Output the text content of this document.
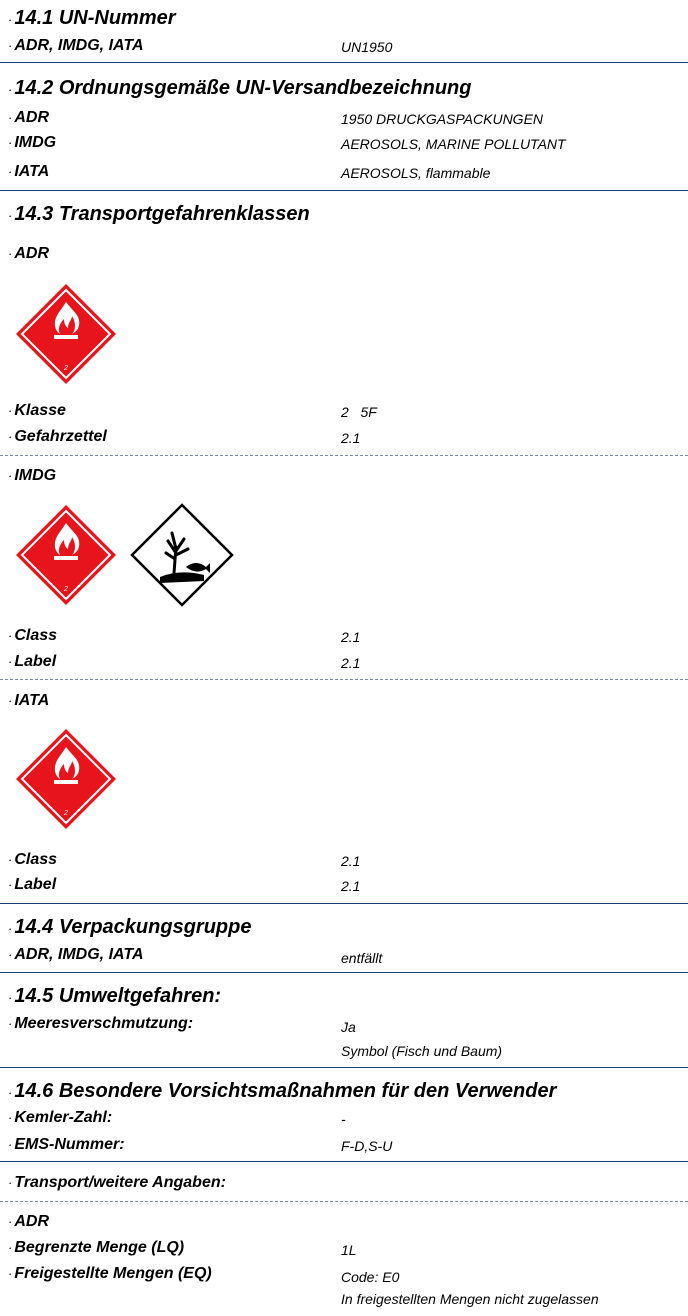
· 14.1 UN-Nummer
· ADR, IMDG, IATA	UN1950
· 14.2 Ordnungsgemäße UN-Versandbezeichnung
· ADR	1950 DRUCKGASPACKUNGEN
· IMDG	AEROSOLS, MARINE POLLUTANT
· IATA	AEROSOLS, flammable
· 14.3 Transportgefahrenklassen
· ADR
2
· Klasse	2   5F
· Gefahrzettel	2.1
· IMDG
2
· Class	2.1
· Label	2.1
· IATA
2
· Class	2.1
· Label	2.1
· 14.4 Verpackungsgruppe
· ADR, IMDG, IATA	entfällt
· 14.5 Umweltgefahren:
· Meeresverschmutzung:	Ja
Symbol (Fisch und Baum)
· 14.6 Besondere Vorsichtsmaßnahmen für den Verwender
· Kemler-Zahl:	-
· EMS-Nummer:	F-D,S-U
· Transport/weitere Angaben:
· ADR
· Begrenzte Menge (LQ)	1L
· Freigestellte Mengen (EQ)	Code: E0
In freigestellten Mengen nicht zugelassen
